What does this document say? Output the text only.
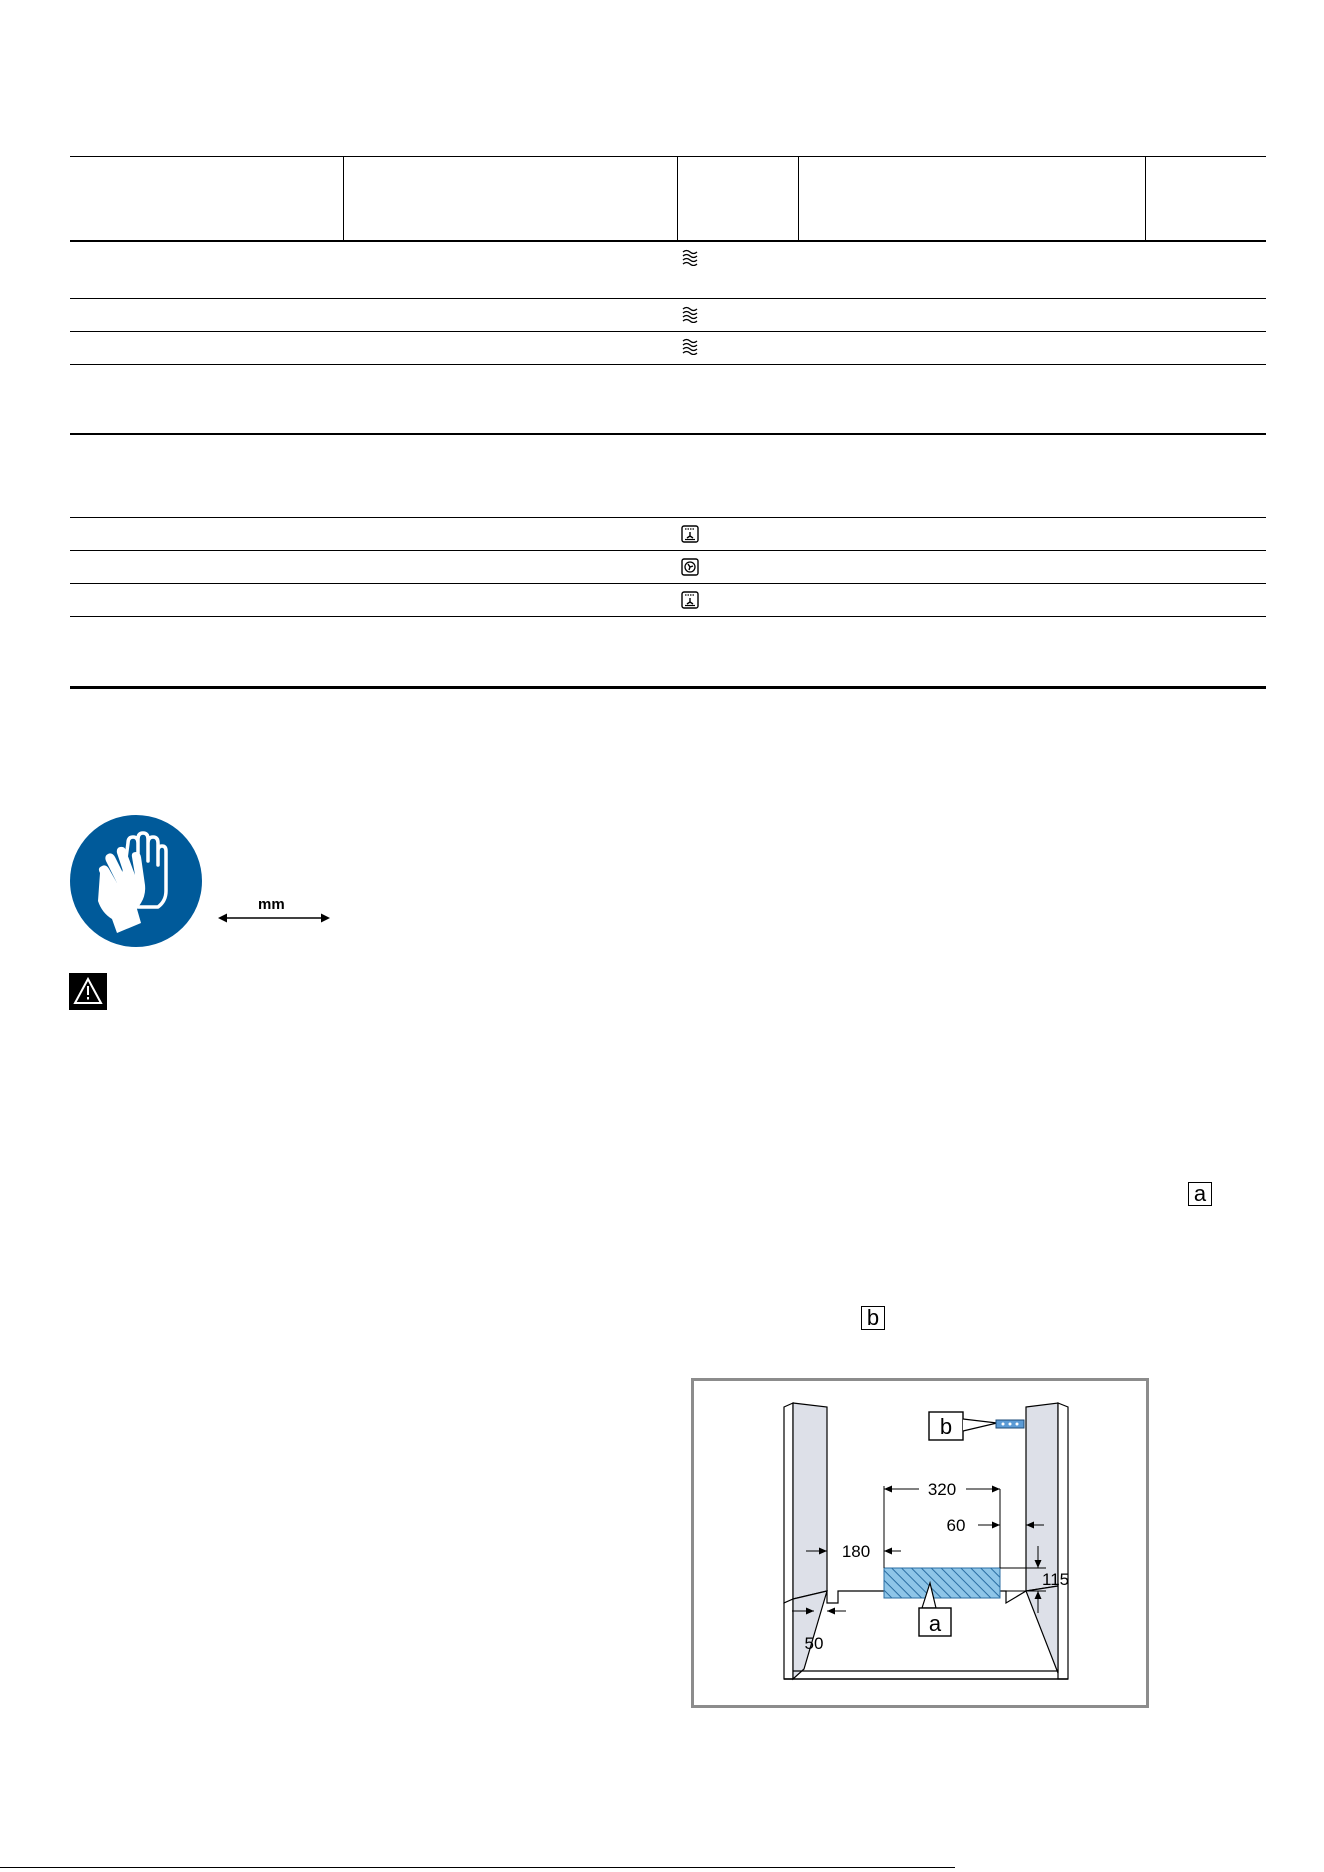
mm
a
b
a
b
320
60
180
115
50
